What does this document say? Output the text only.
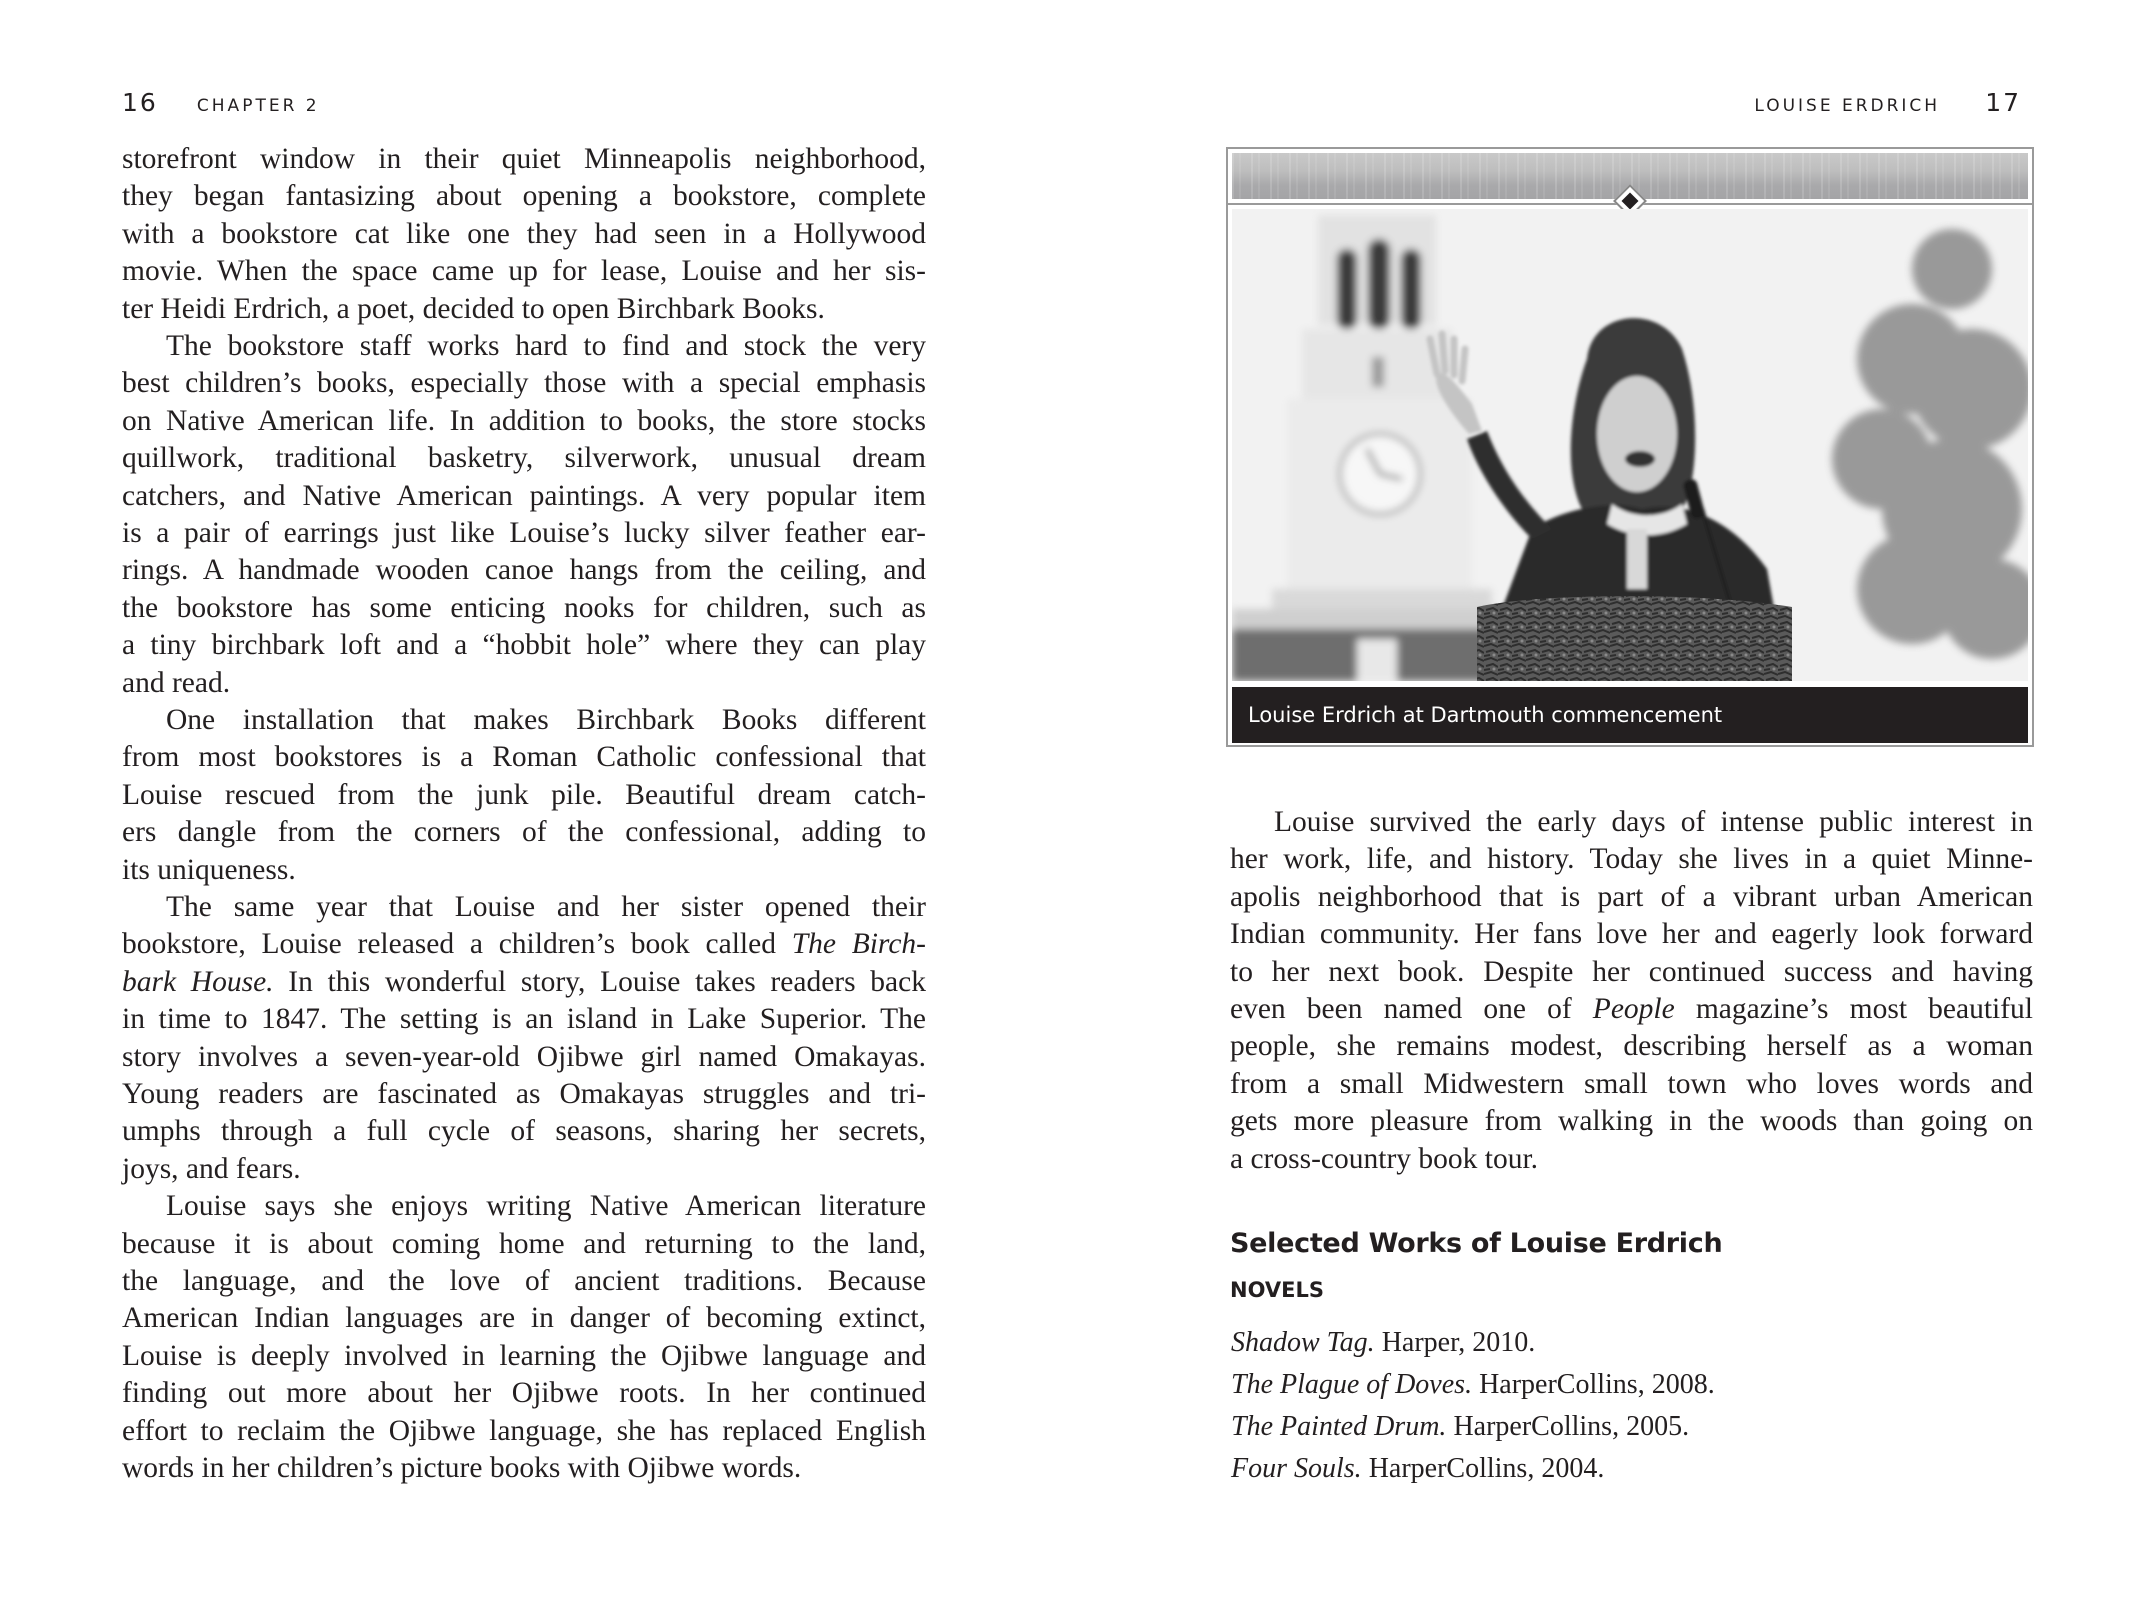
16 CHAPTER 2	LOUISE ERDRICH 17
storefront window in their quiet Minneapolis neighborhood,
they began fantasizing about opening a bookstore, complete
with a bookstore cat like one they had seen in a Hollywood
movie. When the space came up for lease, Louise and her sis-
ter Heidi Erdrich, a poet, decided to open Birchbark Books.
The bookstore staff works hard to find and stock the very
best children’s books, especially those with a special emphasis
on Native American life. In addition to books, the store stocks
quillwork, traditional basketry, silverwork, unusual dream
catchers, and Native American paintings. A very popular item
is a pair of earrings just like Louise’s lucky silver feather ear-
rings. A handmade wooden canoe hangs from the ceiling, and
the bookstore has some enticing nooks for children, such as
a tiny birchbark loft and a “hobbit hole” where they can play
and read.
One installation that makes Birchbark Books different
from most bookstores is a Roman Catholic confessional that
Louise rescued from the junk pile. Beautiful dream catch-
ers dangle from the corners of the confessional, adding to
its uniqueness.
The same year that Louise and her sister opened their
bookstore, Louise released a children’s book called The Birch-
bark House. In this wonderful story, Louise takes readers back
in time to 1847. The setting is an island in Lake Superior. The
story involves a seven-year-old Ojibwe girl named Omakayas.
Young readers are fascinated as Omakayas struggles and tri-
umphs through a full cycle of seasons, sharing her secrets,
joys, and fears.
Louise says she enjoys writing Native American literature
because it is about coming home and returning to the land,
the language, and the love of ancient traditions. Because
American Indian languages are in danger of becoming extinct,
Louise is deeply involved in learning the Ojibwe language and
finding out more about her Ojibwe roots. In her continued
effort to reclaim the Ojibwe language, she has replaced English
words in her children’s picture books with Ojibwe words.
Louise Erdrich at Dartmouth commencement
Louise survived the early days of intense public interest in
her work, life, and history. Today she lives in a quiet Minne-
apolis neighborhood that is part of a vibrant urban American
Indian community. Her fans love her and eagerly look forward
to her next book. Despite her continued success and having
even been named one of People magazine’s most beautiful
people, she remains modest, describing herself as a woman
from a small Midwestern small town who loves words and
gets more pleasure from walking in the woods than going on
a cross-country book tour.
Selected Works of Louise Erdrich
NOVELS
Shadow Tag. Harper, 2010.
The Plague of Doves. HarperCollins, 2008.
The Painted Drum. HarperCollins, 2005.
Four Souls. HarperCollins, 2004.
